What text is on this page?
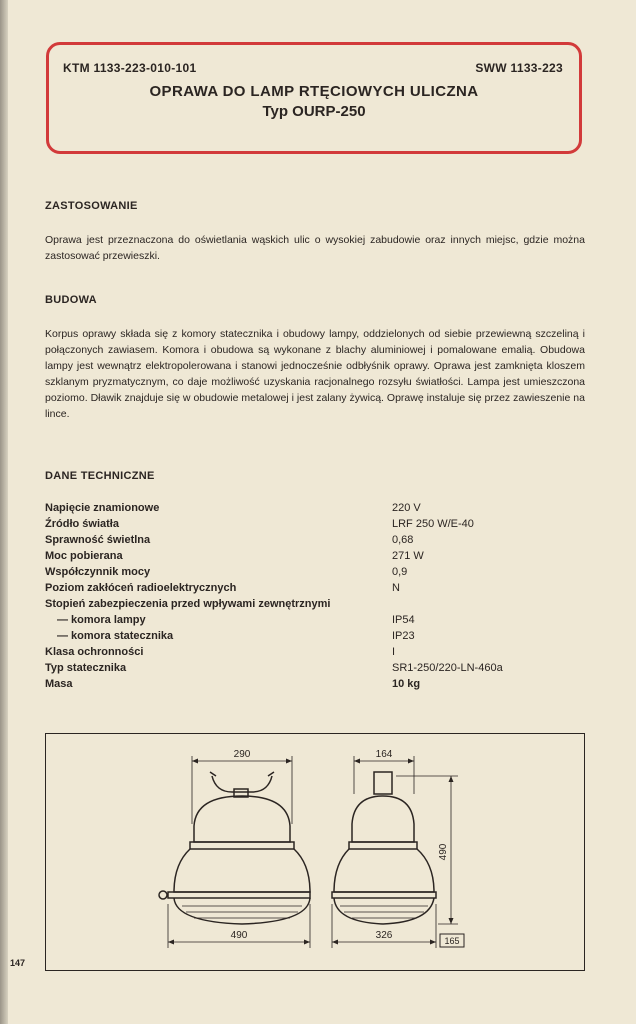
KTM 1133-223-010-101	SWW 1133-223
OPRAWA DO LAMP RTĘCIOWYCH ULICZNA
Typ OURP-250
ZASTOSOWANIE

Oprawa jest przeznaczona do oświetlania wąskich ulic o wysokiej zabudowie oraz innych miejsc, gdzie można zastosować przewieszki.

BUDOWA

Korpus oprawy składa się z komory statecznika i obudowy lampy, oddzielonych od siebie przewiewną szczeliną i połączonych zawiasem. Komora i obudowa są wykonane z blachy aluminiowej i pomalowane emalią. Obudowa lampy jest wewnątrz elektropolerowana i stanowi jednocześnie odbłyśnik oprawy. Oprawa jest zamknięta kloszem szklanym pryzmatycznym, co daje możliwość uzyskania racjonalnego rozsyłu światłości. Lampa jest umieszczona poziomo. Dławik znajduje się w obudowie metalowej i jest zalany żywicą. Oprawę instaluje się przez zawieszenie na lince.

DANE TECHNICZNE
Napięcie znamionowe	220 V
Źródło światła	LRF 250 W/E-40
Sprawność świetlna	0,68
Moc pobierana	271 W
Współczynnik mocy	0,9
Poziom zakłóceń radioelektrycznych	N
Stopień zabezpieczenia przed wpływami zewnętrznymi
— komora lampy	IP54
— komora statecznika	IP23
Klasa ochronności	I
Typ statecznika	SR1-250/220-LN-460a
Masa	10 kg
290	164
490	326
490
165
147
